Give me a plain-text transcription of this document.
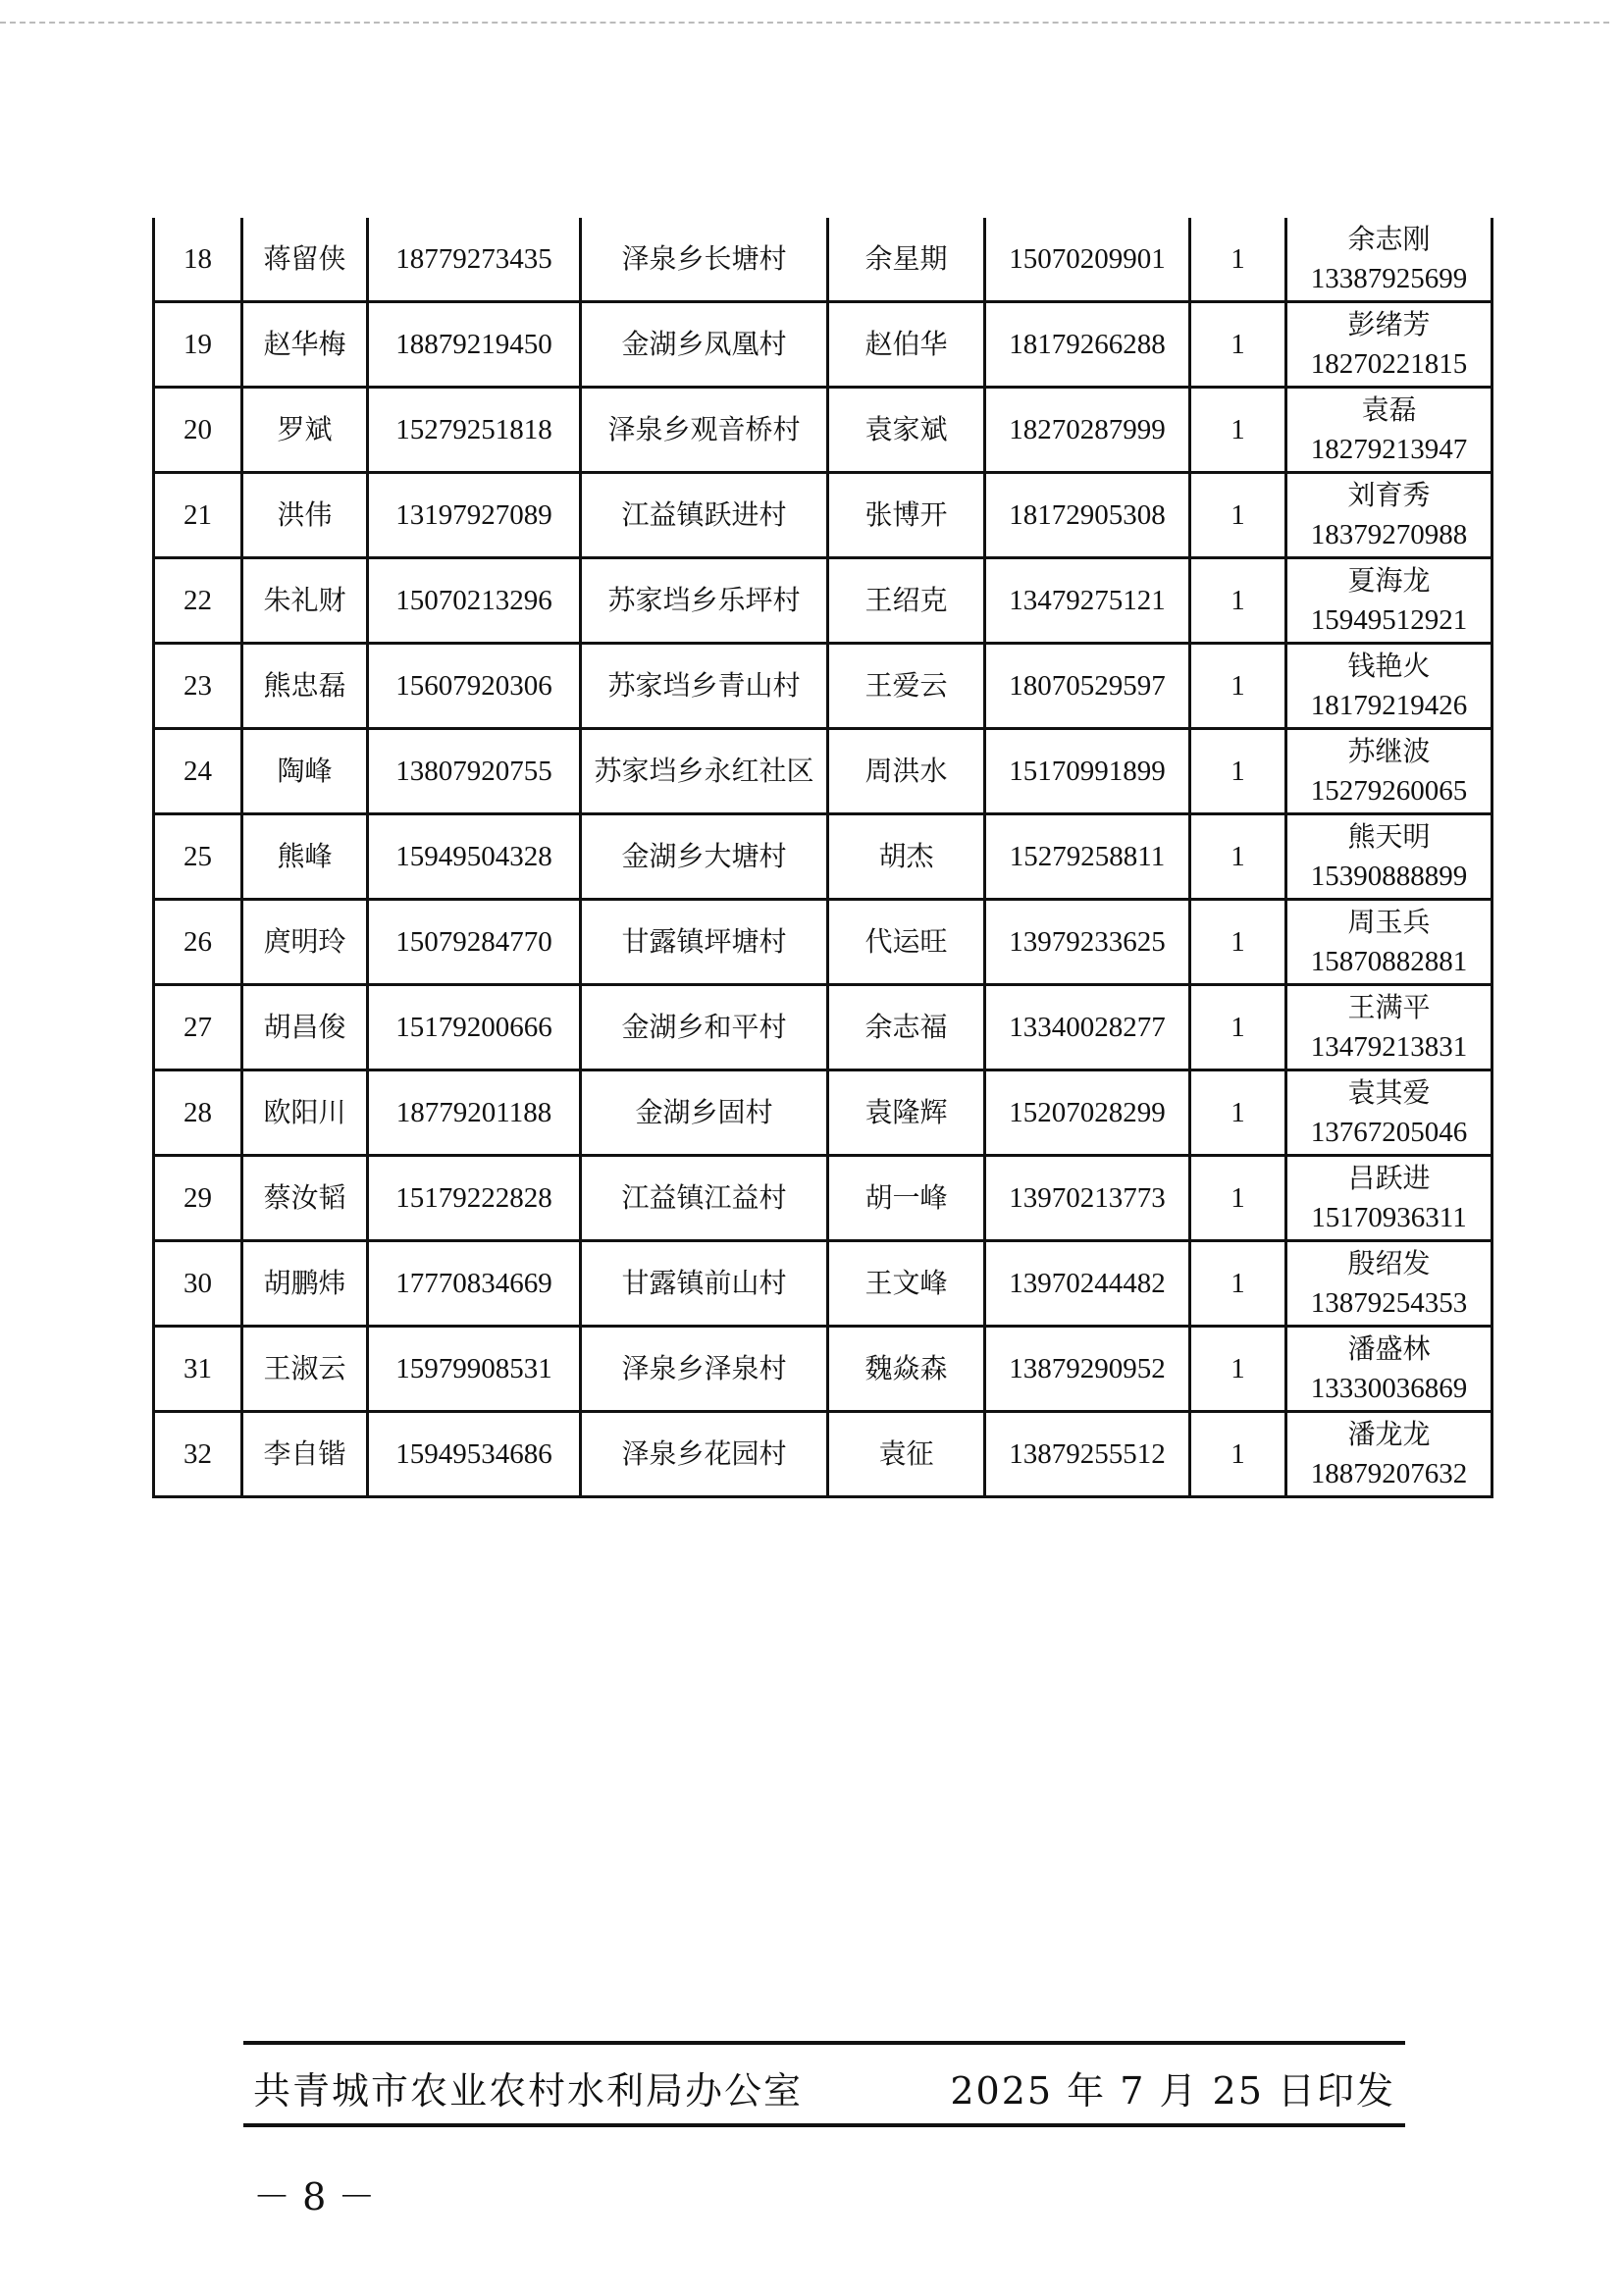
18	蒋留侠	18779273435	泽泉乡长塘村	余星期	15070209901	1	余志刚
13387925699

19	赵华梅	18879219450	金湖乡凤凰村	赵伯华	18179266288	1	彭绪芳
18270221815

20	罗斌	15279251818	泽泉乡观音桥村	袁家斌	18270287999	1	袁磊
18279213947

21	洪伟	13197927089	江益镇跃进村	张博开	18172905308	1	刘育秀
18379270988

22	朱礼财	15070213296	苏家垱乡乐坪村	王绍克	13479275121	1	夏海龙
15949512921

23	熊忠磊	15607920306	苏家垱乡青山村	王爱云	18070529597	1	钱艳火
18179219426

24	陶峰	13807920755	苏家垱乡永红社区	周洪水	15170991899	1	苏继波
15279260065

25	熊峰	15949504328	金湖乡大塘村	胡杰	15279258811	1	熊天明
15390888899

26	庹明玲	15079284770	甘露镇坪塘村	代运旺	13979233625	1	周玉兵
15870882881

27	胡昌俊	15179200666	金湖乡和平村	余志福	13340028277	1	王满平
13479213831

28	欧阳川	18779201188	金湖乡固村	袁隆辉	15207028299	1	袁其爱
13767205046

29	蔡汝韬	15179222828	江益镇江益村	胡一峰	13970213773	1	吕跃进
15170936311

30	胡鹏炜	17770834669	甘露镇前山村	王文峰	13970244482	1	殷绍发
13879254353

31	王淑云	15979908531	泽泉乡泽泉村	魏焱森	13879290952	1	潘盛林
13330036869

32	李自锴	15949534686	泽泉乡花园村	袁征	13879255512	1	潘龙龙
18879207632
共青城市农业农村水利局办公室	2025 年 7 月 25 日印发
－ 8 －
